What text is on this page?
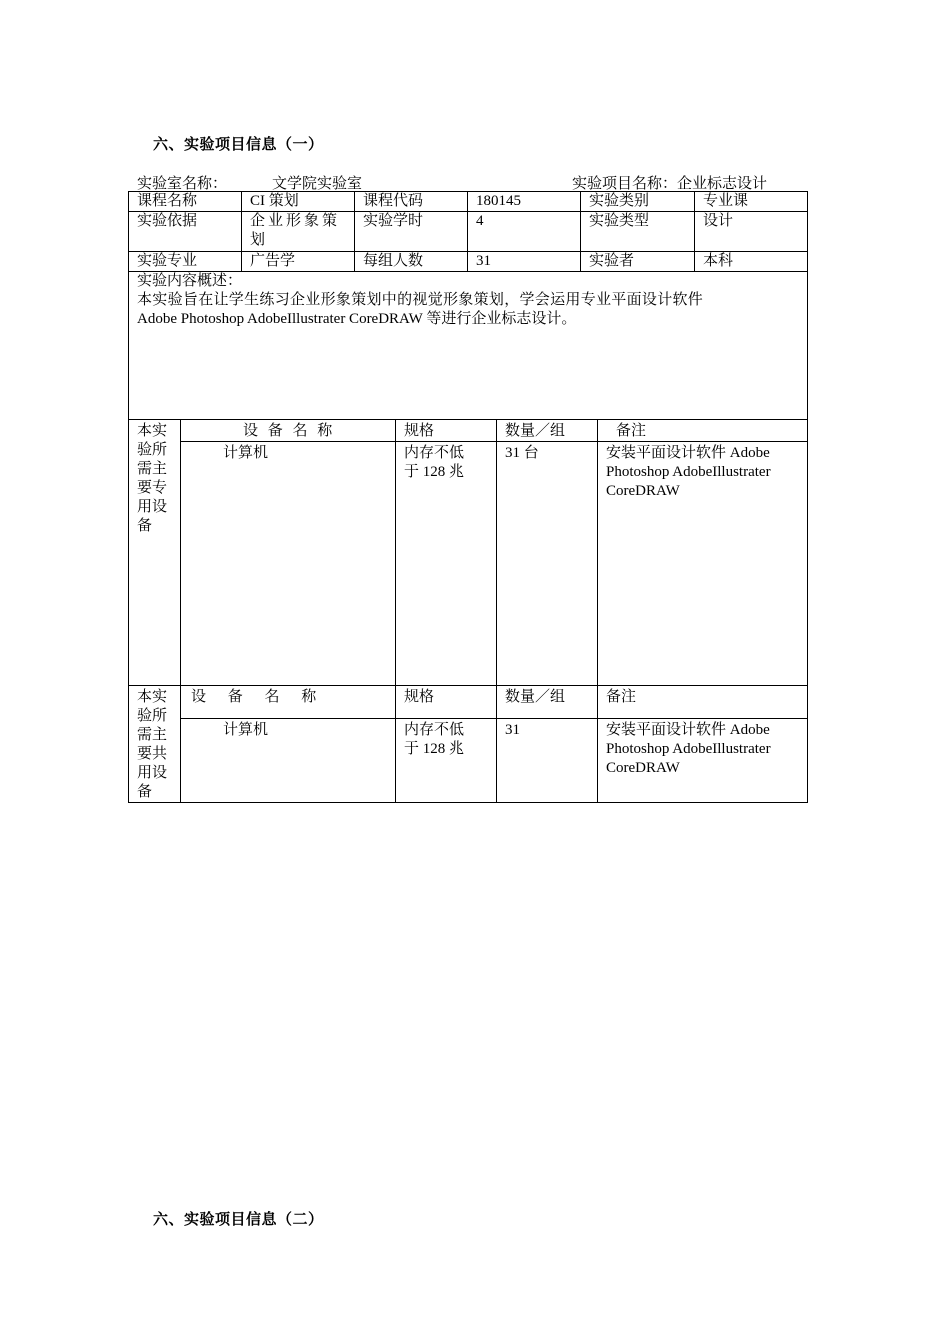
六、实验项目信息（一）
实验室名称：	文学院实验室	实验项目名称：企业标志设计
课程名称	CI 策划	课程代码	180145	实验类别	专业课
实验依据	企业形象策划	实验学时	4	实验类型	设计
实验专业	广告学	每组人数	31	实验者	本科

实验内容概述：
本实验旨在让学生练习企业形象策划中的视觉形象策划，学会运用专业平面设计软件
Adobe Photoshop AdobeIllustrater CoreDRAW 等进行企业标志设计。					
本实验所需主要专用设备	设 备 名 称	规格	数量／组	备注
	计算机	内存不低于 128 兆	31 台	安装平面设计软件 Adobe Photoshop AdobeIllustrater CoreDRAW
本实验所需主要共用设备	设 备 名 称	规格	数量／组	备注
	计算机	内存不低于 128 兆	31	安装平面设计软件 Adobe Photoshop AdobeIllustrater CoreDRAW
六、实验项目信息（二）
